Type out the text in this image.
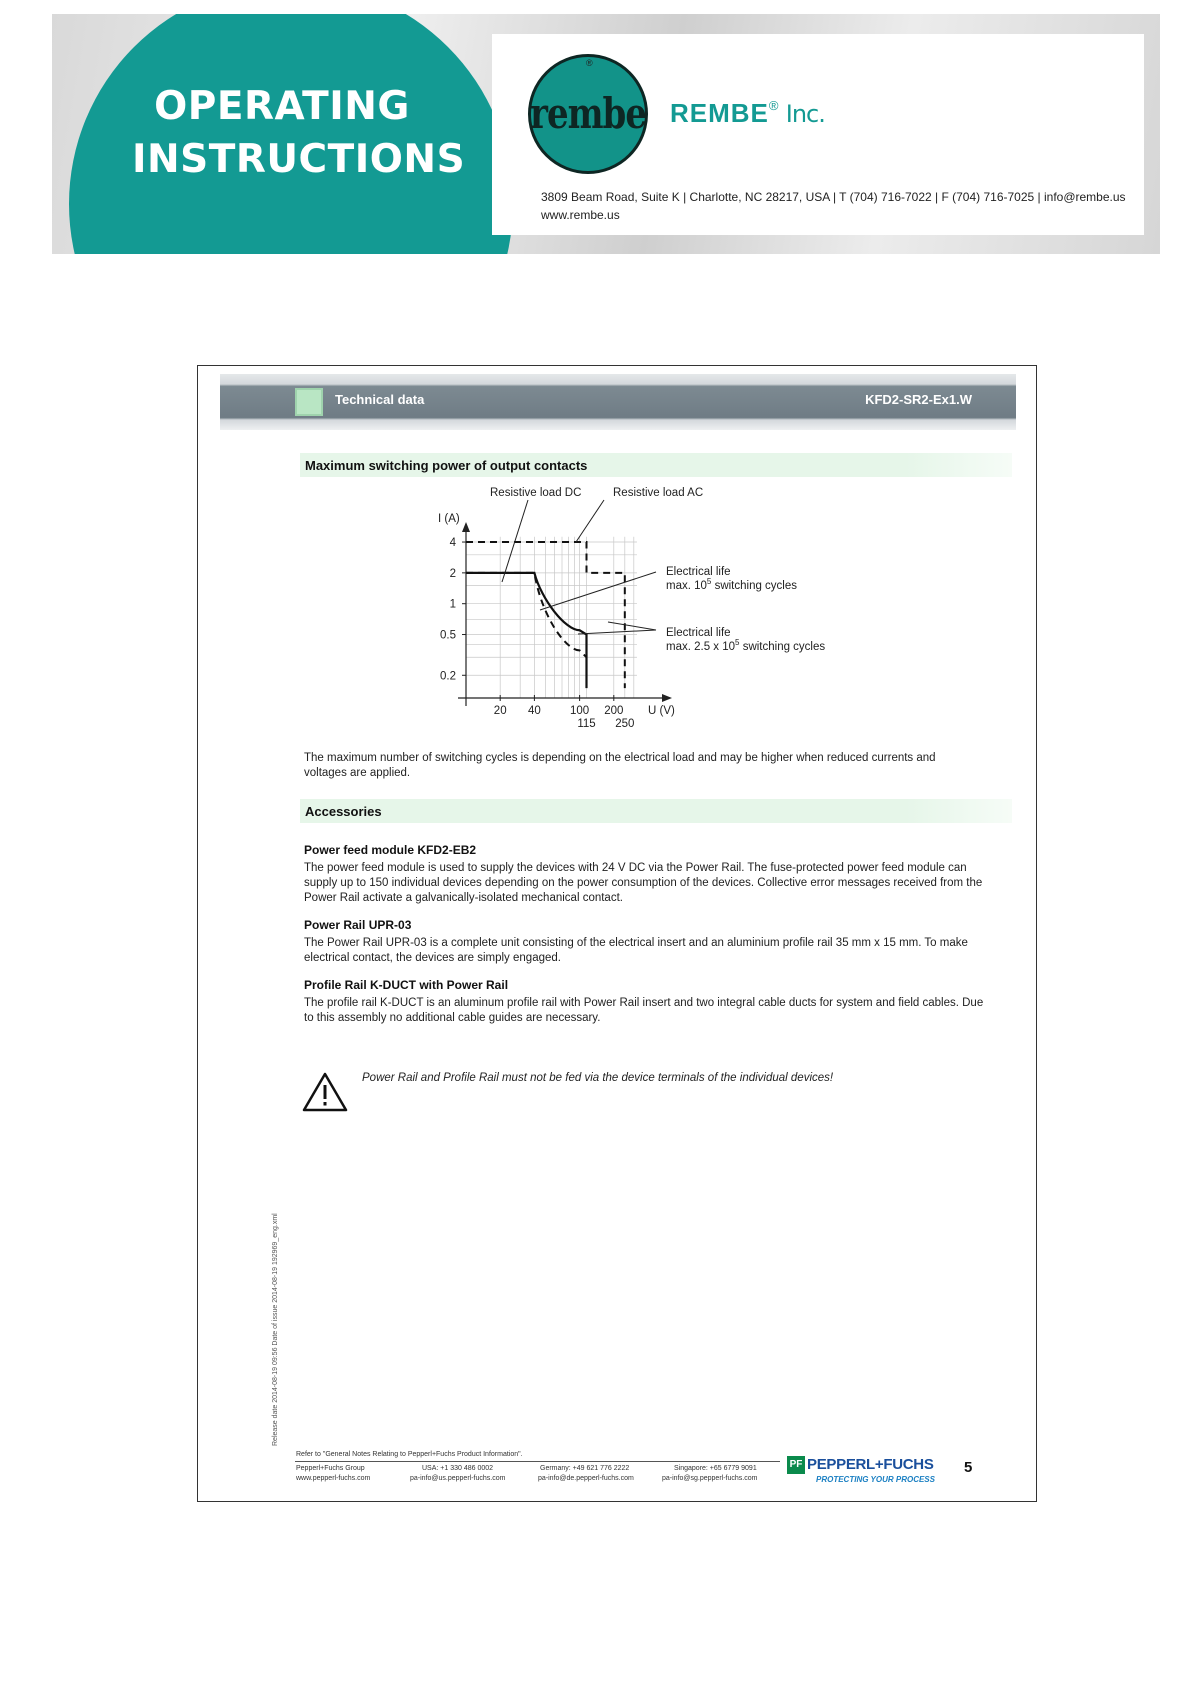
OPERATING
INSTRUCTIONS
rembe
®
REMBE® Inc.
3809 Beam Road, Suite K | Charlotte, NC 28217, USA | T (704) 716-7022 | F (704) 716-7025 | info@rembe.us
www.rembe.us
Technical data	KFD2-SR2-Ex1.W
Maximum switching power of output contacts
I (A)
U (V)
4
2
1
0.5
0.2
20 40	100 200
115 250
Resistive load DC	Resistive load AC
Electrical life
max. $10^5$ switching cycles
Electrical life
max. 2.5 x $10^5$ switching cycles
The maximum number of switching cycles is depending on the electrical load and may be higher when reduced currents and voltages are applied.
Accessories
Power feed module KFD2-EB2
The power feed module is used to supply the devices with 24 V DC via the Power Rail. The fuse-protected power feed module can supply up to 150 individual devices depending on the power consumption of the devices. Collective error messages received from the Power Rail activate a galvanically-isolated mechanical contact.
Power Rail UPR-03
The Power Rail UPR-03 is a complete unit consisting of the electrical insert and an aluminium profile rail 35 mm x 15 mm. To make electrical contact, the devices are simply engaged.
Profile Rail K-DUCT with Power Rail
The profile rail K-DUCT is an aluminum profile rail with Power Rail insert and two integral cable ducts for system and field cables. Due to this assembly no additional cable guides are necessary.
Power Rail and Profile Rail must not be fed via the device terminals of the individual devices!
Release date 2014-08-19 09:56 Date of issue 2014-08-19 192969_eng.xml
Refer to "General Notes Relating to Pepperl+Fuchs Product Information".
Pepperl+Fuchs Group
www.pepperl-fuchs.com
USA: +1 330 486 0002
pa-info@us.pepperl-fuchs.com
Germany: +49 621 776 2222
pa-info@de.pepperl-fuchs.com
Singapore: +65 6779 9091
pa-info@sg.pepperl-fuchs.com
PF PEPPERL+FUCHS
PROTECTING YOUR PROCESS
5
